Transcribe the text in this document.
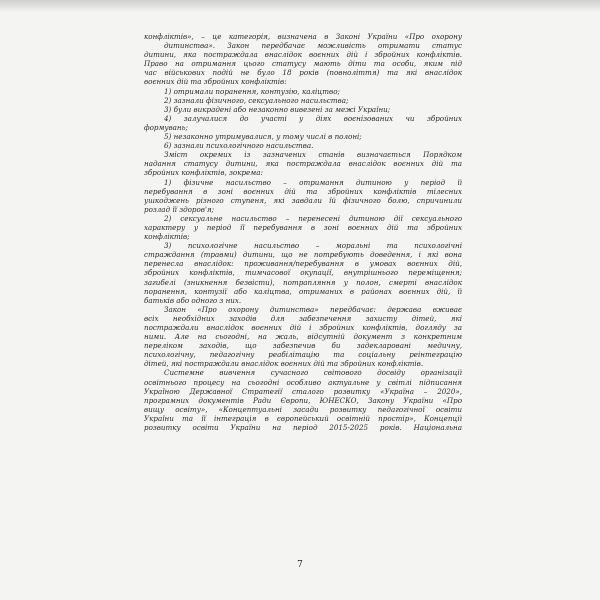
конфліктів», – це категорія, визначена в Законі України «Про охорону
дитинства». Закон передбачає можливість отримати статус
дитини, яка постраждала внаслідок воєнних дій і збройних конфліктів.
Право на отримання цього статусу мають діти та особи, яким під
час військових подій не було 18 років (повноліття) та які внаслідок
воєнних дій та збройних конфліктів:
1) отримали поранення, контузію, каліцтво;
2) зазнали фізичного, сексуального насильства;
3) були викрадені або незаконно вивезені за межі України;
4) залучалися до участі у діях воєнізованих чи збройних
формувань;
5) незаконно утримувалися, у тому числі в полоні;
6) зазнали психологічного насильства.
Зміст окремих із зазначених станів визначається Порядком
надання статусу дитини, яка постраждала внаслідок воєнних дій та
збройних конфліктів, зокрема:
1) фізичне насильство – отримання дитиною у період її
перебування в зоні воєнних дій та збройних конфліктів тілесних
ушкоджень різного ступеня, які завдали їй фізичного болю, спричинили
розлад її здоров'я;
2) сексуальне насильство – перенесені дитиною дії сексуального
характеру у період її перебування в зоні воєнних дій та збройних
конфліктів;
3) психологічне насильство – моральні та психологічні
страждання (травми) дитини, що не потребують доведення, і які вона
перенесла внаслідок: проживання/перебування в умовах воєнних дій,
збройних конфліктів, тимчасової окупації, внутрішнього переміщення;
загибелі (зникнення безвісти), потрапляння у полон, смерті внаслідок
поранення, контузії або каліцтва, отриманих в районах воєнних дій, її
батьків або одного з них.
Закон «Про охорону дитинства» передбачає: держава вживає
всіх необхідних заходів для забезпечення захисту дітей, які
постраждали внаслідок воєнних дій і збройних конфліктів, догляду за
ними. Але на сьогодні, на жаль, відсутній документ з конкретним
переліком заходів, що забезпечив би задекларовані медичну,
психологічну, педагогічну реабілітацію та соціальну реінтеграцію
дітей, які постраждали внаслідок воєнних дій та збройних конфліктів.
Системне вивчення сучасного світового досвіду організації
освітнього процесу на сьогодні особливо актуальне у світлі підписання
Україною Державної Стратегії сталого розвитку «Україна – 2020»,
програмних документів Ради Європи, ЮНЕСКО, Закону України «Про
вищу освіту», «Концептуальні засади розвитку педагогічної освіти
України та її інтеграція в європейський освітній простір», Концепції
розвитку освіти України на період 2015-2025 років. Національна
7
